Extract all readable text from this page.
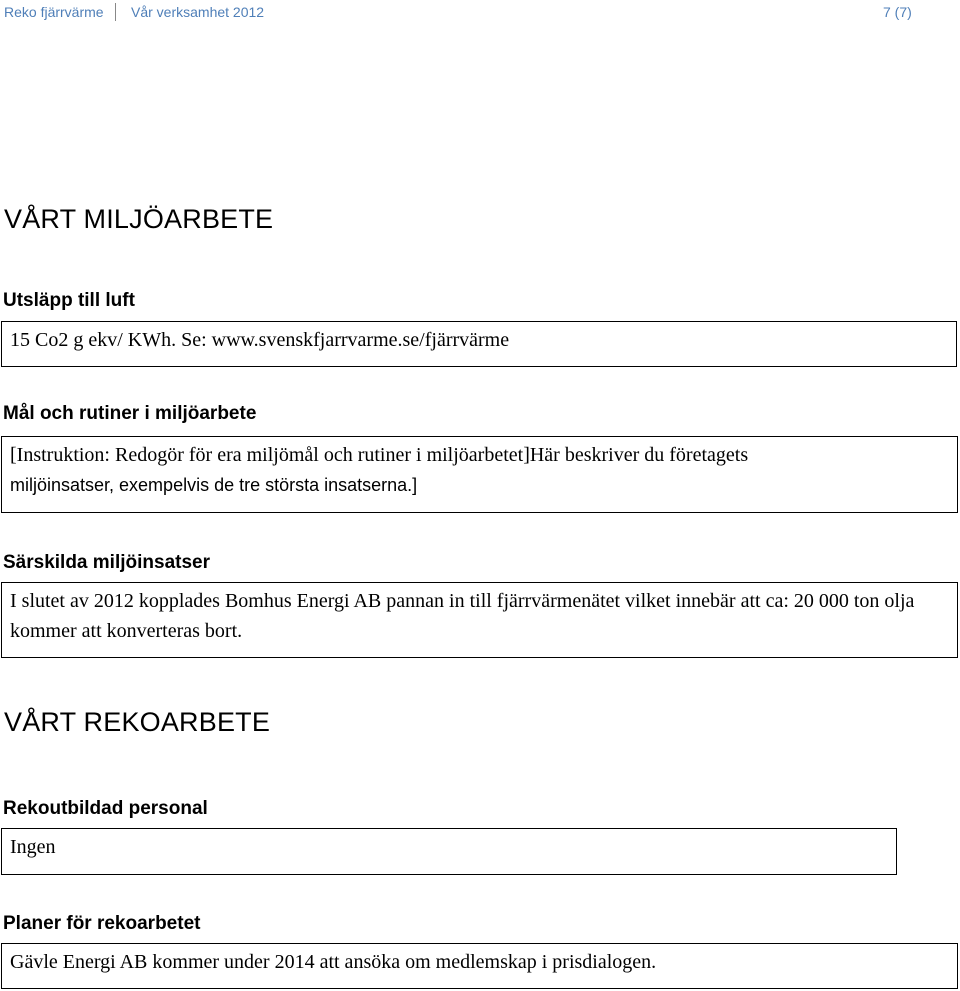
Reko fjärrvärme Vår verksamhet 2012	7 (7)
VÅRT MILJÖARBETE
Utsläpp till luft
15 Co2 g ekv/ KWh. Se: www.svenskfjarrvarme.se/fjärrvärme
Mål och rutiner i miljöarbete
[Instruktion: Redogör för era miljömål och rutiner i miljöarbetet]Här beskriver du företagets
miljöinsatser, exempelvis de tre största insatserna.]
Särskilda miljöinsatser
I slutet av 2012 kopplades Bomhus Energi AB pannan in till fjärrvärmenätet vilket innebär att ca: 20 000 ton olja kommer att konverteras bort.
VÅRT REKOARBETE
Rekoutbildad personal
Ingen
Planer för rekoarbetet
Gävle Energi AB kommer under 2014 att ansöka om medlemskap i prisdialogen.
